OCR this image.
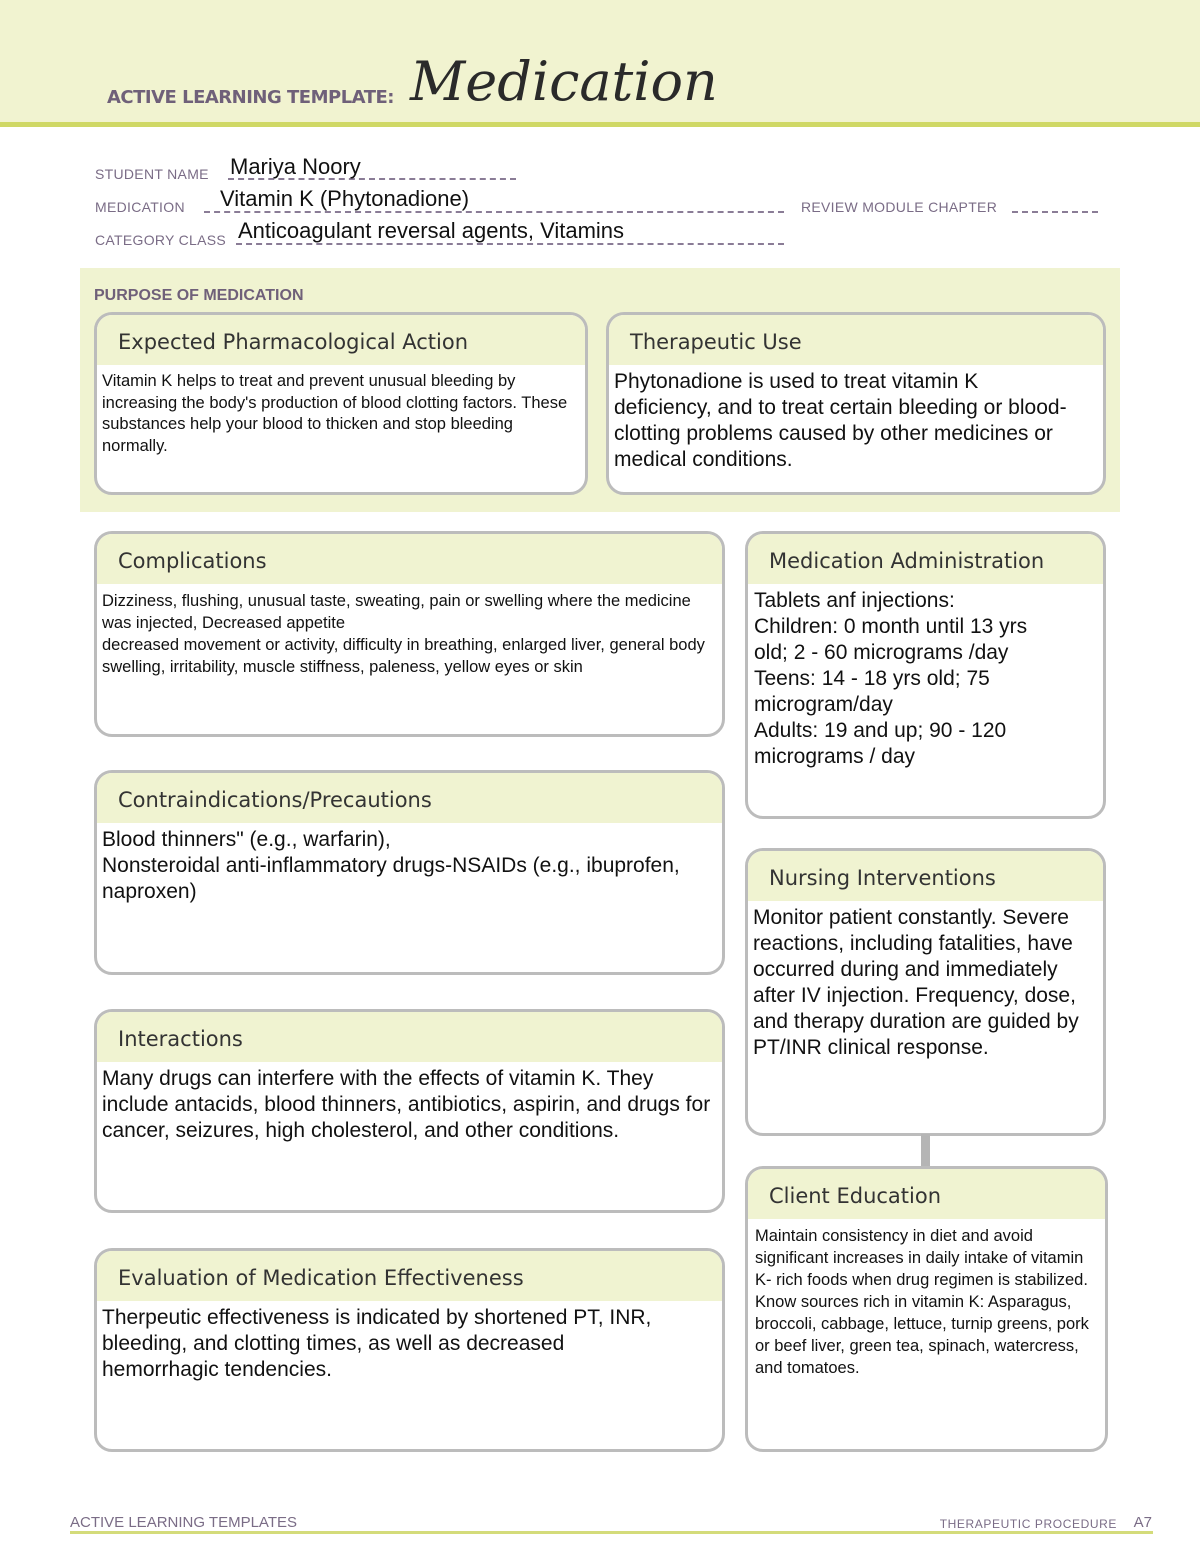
ACTIVE LEARNING TEMPLATE: Medication
STUDENT NAME Mariya Noory
MEDICATION Vitamin K (Phytonadione)	REVIEW MODULE CHAPTER
CATEGORY CLASS Anticoagulant reversal agents, Vitamins
PURPOSE OF MEDICATION
Expected Pharmacological Action
Vitamin K helps to treat and prevent unusual bleeding by increasing the body's production of blood clotting factors. These substances help your blood to thicken and stop bleeding normally.
Therapeutic Use
Phytonadione is used to treat vitamin K deficiency, and to treat certain bleeding or blood-clotting problems caused by other medicines or medical conditions.
Complications
Dizziness, flushing, unusual taste, sweating, pain or swelling where the medicine was injected, Decreased appetite
decreased movement or activity, difficulty in breathing, enlarged liver, general body swelling, irritability, muscle stiffness, paleness, yellow eyes or skin
Contraindications/Precautions
Blood thinners" (e.g., warfarin),
Nonsteroidal anti-inflammatory drugs-NSAIDs (e.g., ibuprofen, naproxen)
Interactions
Many drugs can interfere with the effects of vitamin K. They include antacids, blood thinners, antibiotics, aspirin, and drugs for cancer, seizures, high cholesterol, and other conditions.
Evaluation of Medication Effectiveness
Therpeutic effectiveness is indicated by shortened PT, INR, bleeding, and clotting times, as well as decreased hemorrhagic tendencies.
Medication Administration
Tablets anf injections:
Children: 0 month until 13 yrs old; 2 - 60 micrograms /day
Teens: 14 - 18 yrs old; 75 microgram/day
Adults: 19 and up; 90 - 120 micrograms / day
Nursing Interventions
Monitor patient constantly. Severe reactions, including fatalities, have occurred during and immediately after IV injection. Frequency, dose, and therapy duration are guided by PT/INR clinical response.
Client Education
Maintain consistency in diet and avoid significant increases in daily intake of vitamin K- rich foods when drug regimen is stabilized. Know sources rich in vitamin K: Asparagus, broccoli, cabbage, lettuce, turnip greens, pork or beef liver, green tea, spinach, watercress, and tomatoes.
ACTIVE LEARNING TEMPLATES	THERAPEUTIC PROCEDURE A7
